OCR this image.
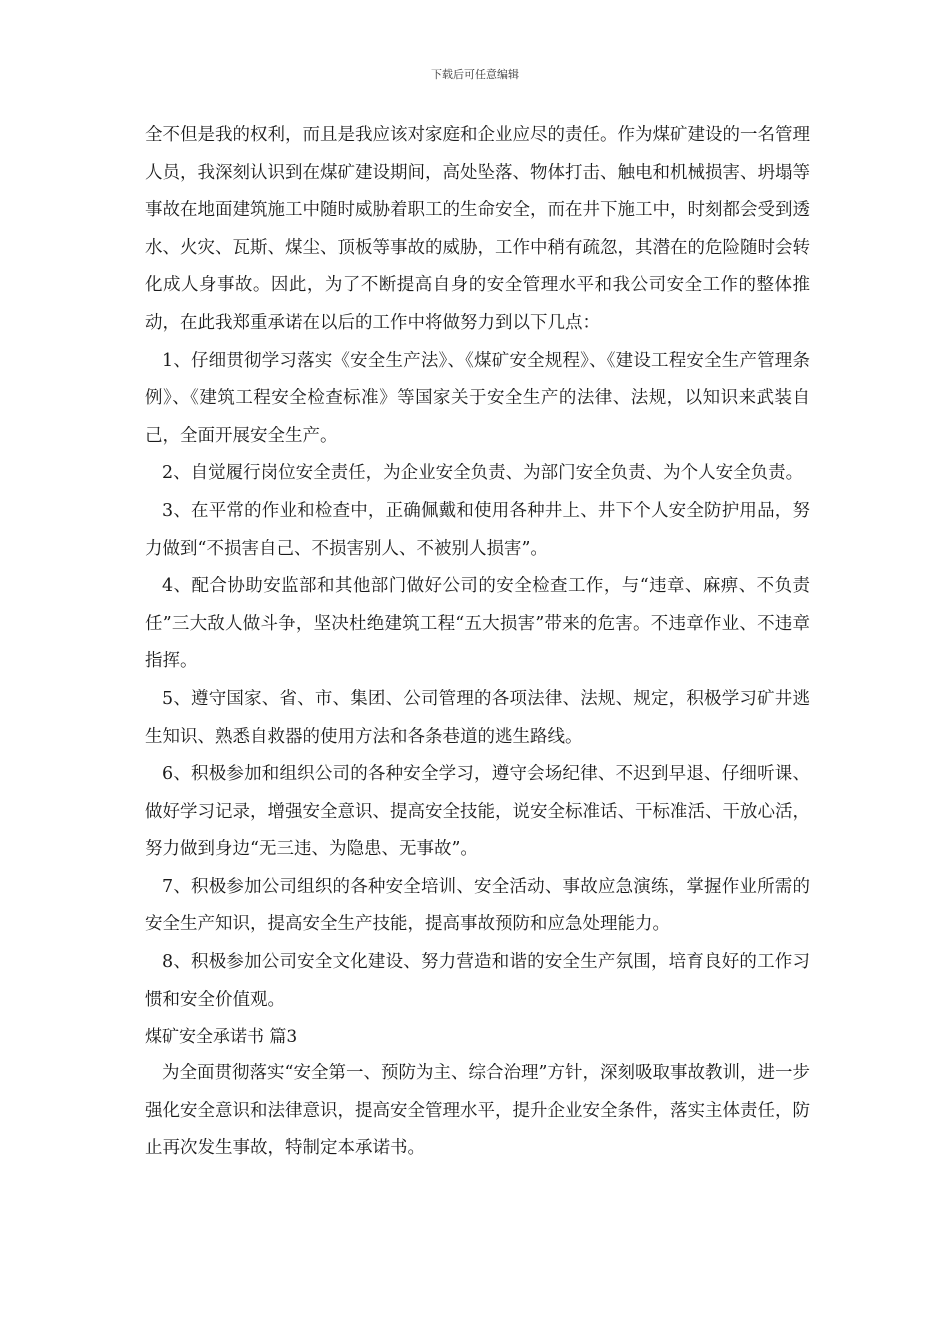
下载后可任意编辑

全不但是我的权利，而且是我应该对家庭和企业应尽的责任。作为煤矿建设的一名管理人员，我深刻认识到在煤矿建设期间，高处坠落、物体打击、触电和机械损害、坍塌等事故在地面建筑施工中随时威胁着职工的生命安全，而在井下施工中，时刻都会受到透水、火灾、瓦斯、煤尘、顶板等事故的威胁，工作中稍有疏忽，其潜在的危险随时会转化成人身事故。因此，为了不断提高自身的安全管理水平和我公司安全工作的整体推动，在此我郑重承诺在以后的工作中将做努力到以下几点：

1、仔细贯彻学习落实《安全生产法》、《煤矿安全规程》、《建设工程安全生产管理条例》、《建筑工程安全检查标准》等国家关于安全生产的法律、法规，以知识来武装自己，全面开展安全生产。

2、自觉履行岗位安全责任，为企业安全负责、为部门安全负责、为个人安全负责。

3、在平常的作业和检查中，正确佩戴和使用各种井上、井下个人安全防护用品，努力做到“不损害自己、不损害别人、不被别人损害”。

4、配合协助安监部和其他部门做好公司的安全检查工作，与“违章、麻痹、不负责任”三大敌人做斗争，坚决杜绝建筑工程“五大损害”带来的危害。不违章作业、不违章指挥。

5、遵守国家、省、市、集团、公司管理的各项法律、法规、规定，积极学习矿井逃生知识、熟悉自救器的使用方法和各条巷道的逃生路线。

6、积极参加和组织公司的各种安全学习，遵守会场纪律、不迟到早退、仔细听课、做好学习记录，增强安全意识、提高安全技能，说安全标准话、干标准活、干放心活，努力做到身边“无三违、为隐患、无事故”。

7、积极参加公司组织的各种安全培训、安全活动、事故应急演练，掌握作业所需的安全生产知识，提高安全生产技能，提高事故预防和应急处理能力。

8、积极参加公司安全文化建设、努力营造和谐的安全生产氛围，培育良好的工作习惯和安全价值观。

煤矿安全承诺书 篇3

为全面贯彻落实“安全第一、预防为主、综合治理”方针，深刻吸取事故教训，进一步强化安全意识和法律意识，提高安全管理水平，提升企业安全条件，落实主体责任，防止再次发生事故，特制定本承诺书。
